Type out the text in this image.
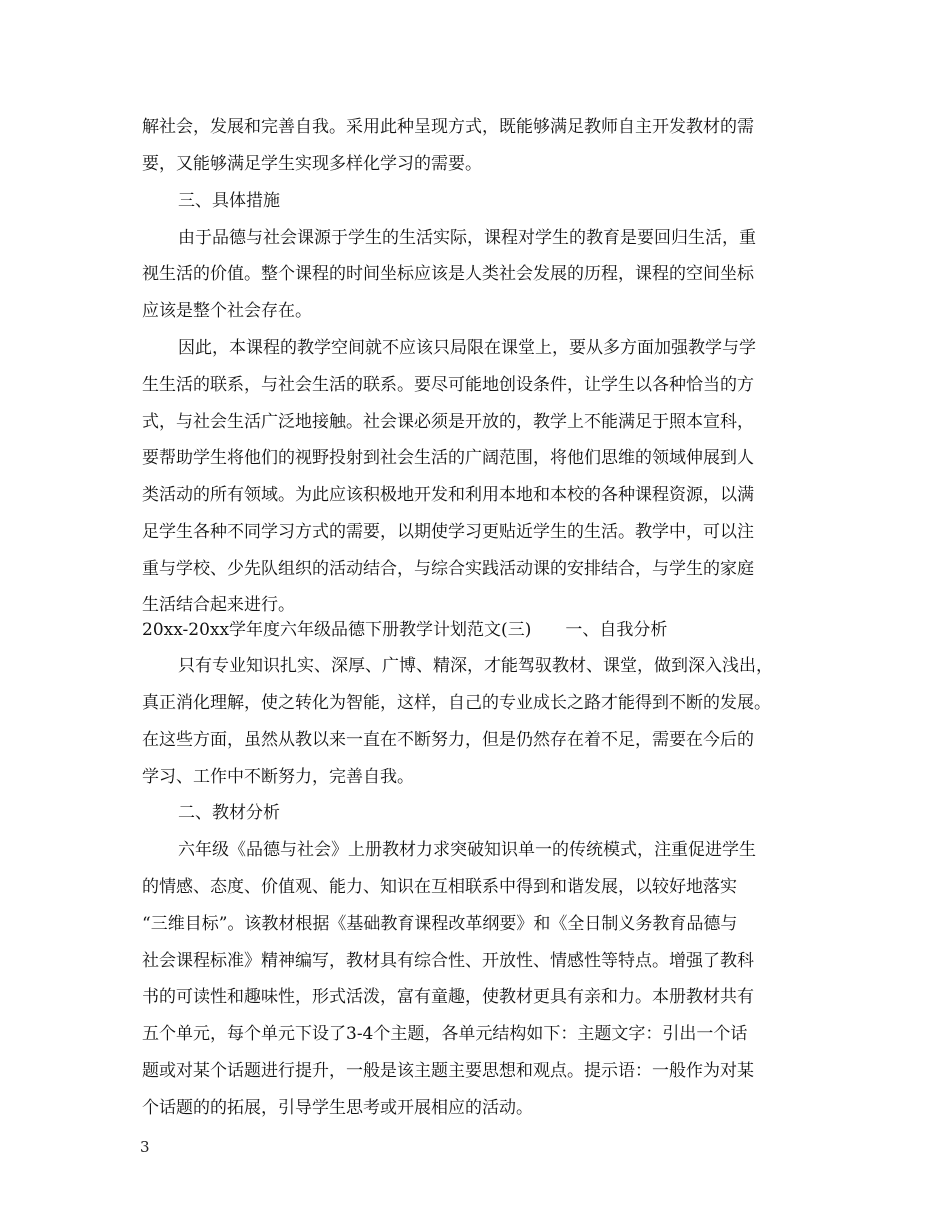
解社会，发展和完善自我。采用此种呈现方式，既能够满足教师自主开发教材的需
要，又能够满足学生实现多样化学习的需要。
三、具体措施
由于品德与社会课源于学生的生活实际，课程对学生的教育是要回归生活，重
视生活的价值。整个课程的时间坐标应该是人类社会发展的历程，课程的空间坐标
应该是整个社会存在。
因此，本课程的教学空间就不应该只局限在课堂上，要从多方面加强教学与学
生生活的联系，与社会生活的联系。要尽可能地创设条件，让学生以各种恰当的方
式，与社会生活广泛地接触。社会课必须是开放的，教学上不能满足于照本宣科，
要帮助学生将他们的视野投射到社会生活的广阔范围，将他们思维的领域伸展到人
类活动的所有领域。为此应该积极地开发和利用本地和本校的各种课程资源，以满
足学生各种不同学习方式的需要，以期使学习更贴近学生的生活。教学中，可以注
重与学校、少先队组织的活动结合，与综合实践活动课的安排结合，与学生的家庭
生活结合起来进行。
20xx-20xx学年度六年级品德下册教学计划范文(三)　　一、自我分析
只有专业知识扎实、深厚、广博、精深，才能驾驭教材、课堂，做到深入浅出，
真正消化理解，使之转化为智能，这样，自己的专业成长之路才能得到不断的发展。
在这些方面，虽然从教以来一直在不断努力，但是仍然存在着不足，需要在今后的
学习、工作中不断努力，完善自我。
二、教材分析
六年级《品德与社会》上册教材力求突破知识单一的传统模式，注重促进学生
的情感、态度、价值观、能力、知识在互相联系中得到和谐发展，以较好地落实
“三维目标”。该教材根据《基础教育课程改革纲要》和《全日制义务教育品德与
社会课程标准》精神编写，教材具有综合性、开放性、情感性等特点。增强了教科
书的可读性和趣味性，形式活泼，富有童趣，使教材更具有亲和力。本册教材共有
五个单元，每个单元下设了3-4个主题，各单元结构如下：主题文字：引出一个话
题或对某个话题进行提升，一般是该主题主要思想和观点。提示语：一般作为对某
个话题的的拓展，引导学生思考或开展相应的活动。
3
